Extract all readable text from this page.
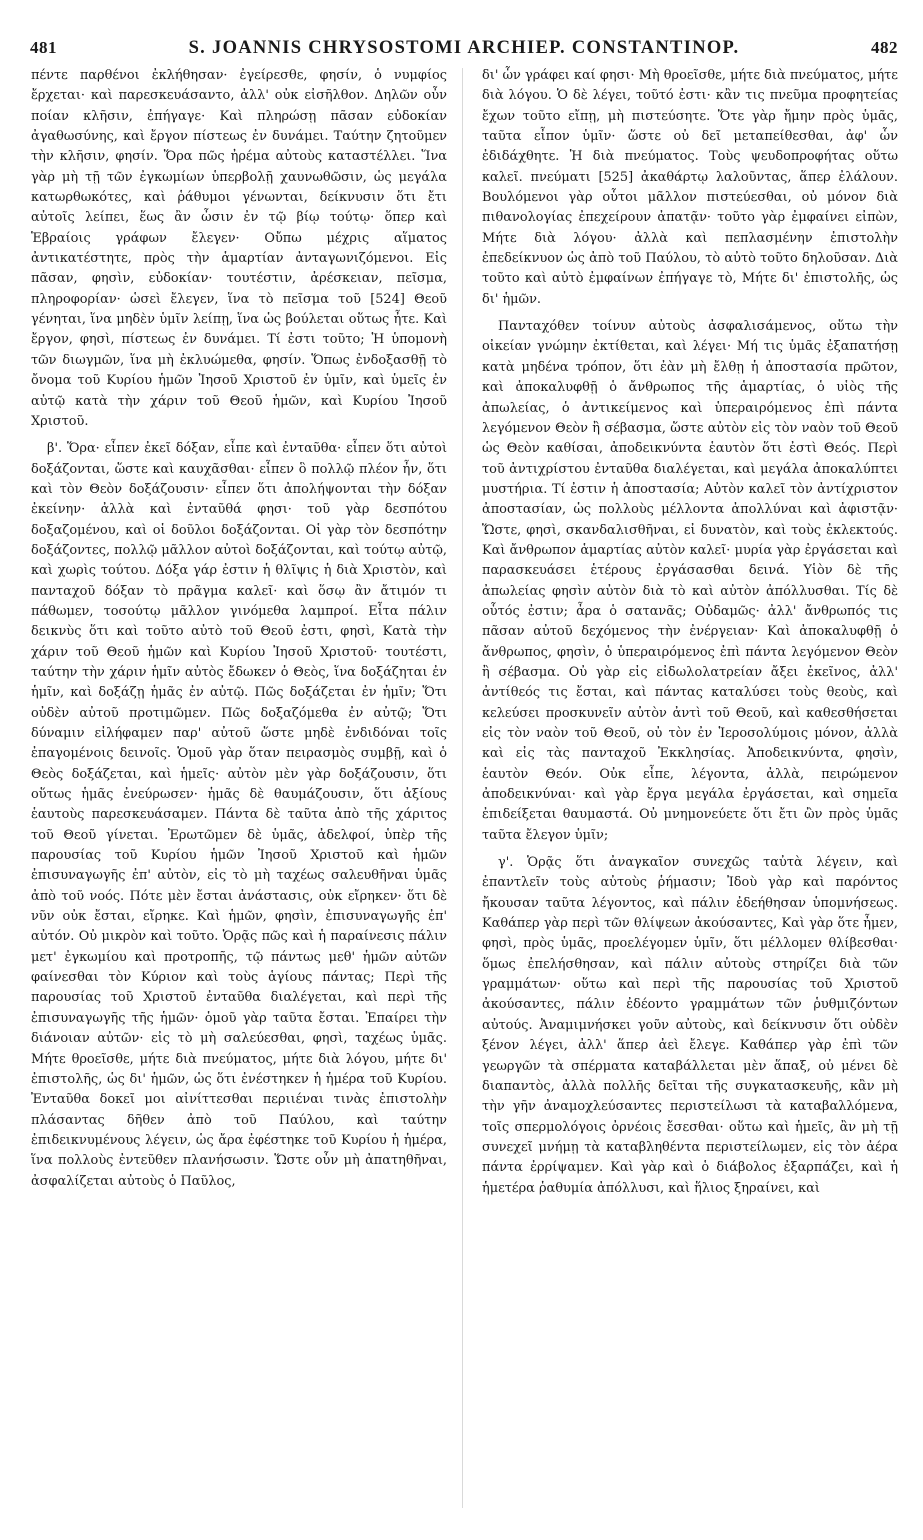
481	S. JOANNIS CHRYSOSTOMI ARCHIEP. CONSTANTINOP.	482

πέντε παρθένοι ἐκλήθησαν· ἐγείρεσθε, φησίν, ὁ νυμφίος ἔρχεται· καὶ παρεσκευάσαντο, ἀλλ' οὐκ εἰσῆλθον. Δηλῶν οὖν ποίαν κλῆσιν, ἐπήγαγε· Καὶ πληρώσῃ πᾶσαν εὐδοκίαν ἀγαθωσύνης, καὶ ἔργον πίστεως ἐν δυνάμει. Ταύτην ζητοῦμεν τὴν κλῆσιν, φησίν. Ὅρα πῶς ἠρέμα αὐτοὺς καταστέλλει. Ἵνα γὰρ μὴ τῇ τῶν ἐγκωμίων ὑπερβολῇ χαυνωθῶσιν, ὡς μεγάλα κατωρθωκότες, καὶ ῥάθυμοι γένωνται, δείκνυσιν ὅτι ἔτι αὐτοῖς λείπει, ἕως ἂν ὦσιν ἐν τῷ βίῳ τούτῳ· ὅπερ καὶ Ἑβραίοις γράφων ἔλεγεν· Οὔπω μέχρις αἵματος ἀντικατέστητε, πρὸς τὴν ἁμαρτίαν ἀνταγωνιζόμενοι. Εἰς πᾶσαν, φησὶν, εὐδοκίαν· τουτέστιν, ἀρέσκειαν, πεῖσμα, πληροφορίαν· ὡσεὶ ἔλεγεν, ἵνα τὸ πεῖσμα τοῦ [524] Θεοῦ γένηται, ἵνα μηδὲν ὑμῖν λείπῃ, ἵνα ὡς βούλεται οὕτως ἦτε. Καὶ ἔργον, φησὶ, πίστεως ἐν δυνάμει. Τί ἐστι τοῦτο; Ἡ ὑπομονὴ τῶν διωγμῶν, ἵνα μὴ ἐκλυώμεθα, φησίν. Ὅπως ἐνδοξασθῇ τὸ ὄνομα τοῦ Κυρίου ἡμῶν Ἰησοῦ Χριστοῦ ἐν ὑμῖν, καὶ ὑμεῖς ἐν αὐτῷ κατὰ τὴν χάριν τοῦ Θεοῦ ἡμῶν, καὶ Κυρίου Ἰησοῦ Χριστοῦ.

β'. Ὅρα· εἶπεν ἐκεῖ δόξαν, εἶπε καὶ ἐνταῦθα· εἶπεν ὅτι αὐτοὶ δοξάζονται, ὥστε καὶ καυχᾶσθαι· εἶπεν ὃ πολλῷ πλέον ἦν, ὅτι καὶ τὸν Θεὸν δοξάζουσιν· εἶπεν ὅτι ἀπολήψονται τὴν δόξαν ἐκείνην· ἀλλὰ καὶ ἐνταῦθά φησι· τοῦ γὰρ δεσπότου δοξαζομένου, καὶ οἱ δοῦλοι δοξάζονται. Οἱ γὰρ τὸν δεσπότην δοξάζοντες, πολλῷ μᾶλλον αὐτοὶ δοξάζονται, καὶ τούτῳ αὐτῷ, καὶ χωρὶς τούτου. Δόξα γάρ ἐστιν ἡ θλῖψις ἡ διὰ Χριστὸν, καὶ πανταχοῦ δόξαν τὸ πρᾶγμα καλεῖ· καὶ ὅσῳ ἂν ἄτιμόν τι πάθωμεν, τοσούτῳ μᾶλλον γινόμεθα λαμπροί. Εἶτα πάλιν δεικνὺς ὅτι καὶ τοῦτο αὐτὸ τοῦ Θεοῦ ἐστι, φησὶ, Κατὰ τὴν χάριν τοῦ Θεοῦ ἡμῶν καὶ Κυρίου Ἰησοῦ Χριστοῦ· τουτέστι, ταύτην τὴν χάριν ἡμῖν αὐτὸς ἔδωκεν ὁ Θεὸς, ἵνα δοξάζηται ἐν ἡμῖν, καὶ δοξάζῃ ἡμᾶς ἐν αὐτῷ. Πῶς δοξάζεται ἐν ἡμῖν; Ὅτι οὐδὲν αὐτοῦ προτιμῶμεν. Πῶς δοξαζόμεθα ἐν αὐτῷ; Ὅτι δύναμιν εἰλήφαμεν παρ' αὐτοῦ ὥστε μηδὲ ἐνδιδόναι τοῖς ἐπαγομένοις δεινοῖς. Ὁμοῦ γὰρ ὅταν πειρασμὸς συμβῇ, καὶ ὁ Θεὸς δοξάζεται, καὶ ἡμεῖς· αὐτὸν μὲν γὰρ δοξάζουσιν, ὅτι οὕτως ἡμᾶς ἐνεύρωσεν· ἡμᾶς δὲ θαυμάζουσιν, ὅτι ἀξίους ἑαυτοὺς παρεσκευάσαμεν. Πάντα δὲ ταῦτα ἀπὸ τῆς χάριτος τοῦ Θεοῦ γίνεται. Ἐρωτῶμεν δὲ ὑμᾶς, ἀδελφοί, ὑπὲρ τῆς παρουσίας τοῦ Κυρίου ἡμῶν Ἰησοῦ Χριστοῦ καὶ ἡμῶν ἐπισυναγωγῆς ἐπ' αὐτὸν, εἰς τὸ μὴ ταχέως σαλευθῆναι ὑμᾶς ἀπὸ τοῦ νοός. Πότε μὲν ἔσται ἀνάστασις, οὐκ εἴρηκεν· ὅτι δὲ νῦν οὐκ ἔσται, εἴρηκε. Καὶ ἡμῶν, φησὶν, ἐπισυναγωγῆς ἐπ' αὐτόν. Οὐ μικρὸν καὶ τοῦτο. Ὁρᾷς πῶς καὶ ἡ παραίνεσις πάλιν μετ' ἐγκωμίου καὶ προτροπῆς, τῷ πάντως μεθ' ἡμῶν αὐτῶν φαίνεσθαι τὸν Κύριον καὶ τοὺς ἁγίους πάντας; Περὶ τῆς παρουσίας τοῦ Χριστοῦ ἐνταῦθα διαλέγεται, καὶ περὶ τῆς ἐπισυναγωγῆς τῆς ἡμῶν· ὁμοῦ γὰρ ταῦτα ἔσται. Ἐπαίρει τὴν διάνοιαν αὐτῶν· εἰς τὸ μὴ σαλεύεσθαι, φησὶ, ταχέως ὑμᾶς. Μήτε θροεῖσθε, μήτε διὰ πνεύματος, μήτε διὰ λόγου, μήτε δι' ἐπιστολῆς, ὡς δι' ἡμῶν, ὡς ὅτι ἐνέστηκεν ἡ ἡμέρα τοῦ Κυρίου. Ἐνταῦθα δοκεῖ μοι αἰνίττεσθαι περιιέναι τινὰς ἐπιστολὴν πλάσαντας δῆθεν ἀπὸ τοῦ Παύλου, καὶ ταύτην ἐπιδεικνυμένους λέγειν, ὡς ἄρα ἐφέστηκε τοῦ Κυρίου ἡ ἡμέρα, ἵνα πολλοὺς ἐντεῦθεν πλανήσωσιν. Ὥστε οὖν μὴ ἀπατηθῆναι, ἀσφαλίζεται αὐτοὺς ὁ Παῦλος,

δι' ὧν γράφει καί φησι· Μὴ θροεῖσθε, μήτε διὰ πνεύματος, μήτε διὰ λόγου. Ὁ δὲ λέγει, τοῦτό ἐστι· κἂν τις πνεῦμα προφητείας ἔχων τοῦτο εἴπῃ, μὴ πιστεύσητε. Ὅτε γὰρ ἤμην πρὸς ὑμᾶς, ταῦτα εἶπον ὑμῖν· ὥστε οὐ δεῖ μεταπείθεσθαι, ἀφ' ὧν ἐδιδάχθητε. Ἡ διὰ πνεύματος. Τοὺς ψευδοπροφήτας οὕτω καλεῖ. πνεύματι [525] ἀκαθάρτῳ λαλοῦντας, ἅπερ ἐλάλουν. Βουλόμενοι γὰρ οὗτοι μᾶλλον πιστεύεσθαι, οὐ μόνον διὰ πιθανολογίας ἐπεχείρουν ἀπατᾷν· τοῦτο γὰρ ἐμφαίνει εἰπὼν, Μήτε διὰ λόγου· ἀλλὰ καὶ πεπλασμένην ἐπιστολὴν ἐπεδείκνυον ὡς ἀπὸ τοῦ Παύλου, τὸ αὐτὸ τοῦτο δηλοῦσαν. Διὰ τοῦτο καὶ αὐτὸ ἐμφαίνων ἐπήγαγε τὸ, Μήτε δι' ἐπιστολῆς, ὡς δι' ἡμῶν.

Πανταχόθεν τοίνυν αὐτοὺς ἀσφαλισάμενος, οὕτω τὴν οἰκείαν γνώμην ἐκτίθεται, καὶ λέγει· Μή τις ὑμᾶς ἐξαπατήσῃ κατὰ μηδένα τρόπον, ὅτι ἐὰν μὴ ἔλθῃ ἡ ἀποστασία πρῶτον, καὶ ἀποκαλυφθῇ ὁ ἄνθρωπος τῆς ἁμαρτίας, ὁ υἱὸς τῆς ἀπωλείας, ὁ ἀντικείμενος καὶ ὑπεραιρόμενος ἐπὶ πάντα λεγόμενον Θεὸν ἢ σέβασμα, ὥστε αὐτὸν εἰς τὸν ναὸν τοῦ Θεοῦ ὡς Θεὸν καθίσαι, ἀποδεικνύντα ἑαυτὸν ὅτι ἐστὶ Θεός. Περὶ τοῦ ἀντιχρίστου ἐνταῦθα διαλέγεται, καὶ μεγάλα ἀποκαλύπτει μυστήρια. Τί ἐστιν ἡ ἀποστασία; Αὐτὸν καλεῖ τὸν ἀντίχριστον ἀποστασίαν, ὡς πολλοὺς μέλλοντα ἀπολλύναι καὶ ἀφιστᾷν· Ὥστε, φησὶ, σκανδαλισθῆναι, εἰ δυνατὸν, καὶ τοὺς ἐκλεκτούς. Καὶ ἄνθρωπον ἁμαρτίας αὐτὸν καλεῖ· μυρία γὰρ ἐργάσεται καὶ παρασκευάσει ἑτέρους ἐργάσασθαι δεινά. Υἱὸν δὲ τῆς ἀπωλείας φησὶν αὐτὸν διὰ τὸ καὶ αὐτὸν ἀπόλλυσθαι. Τίς δὲ οὗτός ἐστιν; ἆρα ὁ σατανᾶς; Οὐδαμῶς· ἀλλ' ἄνθρωπός τις πᾶσαν αὐτοῦ δεχόμενος τὴν ἐνέργειαν· Καὶ ἀποκαλυφθῇ ὁ ἄνθρωπος, φησὶν, ὁ ὑπεραιρόμενος ἐπὶ πάντα λεγόμενον Θεὸν ἢ σέβασμα. Οὐ γὰρ εἰς εἰδωλολατρείαν ἄξει ἐκεῖνος, ἀλλ' ἀντίθεός τις ἔσται, καὶ πάντας καταλύσει τοὺς θεοὺς, καὶ κελεύσει προσκυνεῖν αὐτὸν ἀντὶ τοῦ Θεοῦ, καὶ καθεσθήσεται εἰς τὸν ναὸν τοῦ Θεοῦ, οὐ τὸν ἐν Ἱεροσολύμοις μόνον, ἀλλὰ καὶ εἰς τὰς πανταχοῦ Ἐκκλησίας. Ἀποδεικνύντα, φησὶν, ἑαυτὸν Θεόν. Οὐκ εἶπε, λέγοντα, ἀλλὰ, πειρώμενον ἀποδεικνύναι· καὶ γὰρ ἔργα μεγάλα ἐργάσεται, καὶ σημεῖα ἐπιδείξεται θαυμαστά. Οὐ μνημονεύετε ὅτι ἔτι ὢν πρὸς ὑμᾶς ταῦτα ἔλεγον ὑμῖν;

γ'. Ὁρᾷς ὅτι ἀναγκαῖον συνεχῶς ταὐτὰ λέγειν, καὶ ἐπαντλεῖν τοὺς αὐτοὺς ῥήμασιν; Ἰδοὺ γὰρ καὶ παρόντος ἤκουσαν ταῦτα λέγοντος, καὶ πάλιν ἐδεήθησαν ὑπομνήσεως. Καθάπερ γὰρ περὶ τῶν θλίψεων ἀκούσαντες, Καὶ γὰρ ὅτε ἦμεν, φησὶ, πρὸς ὑμᾶς, προελέγομεν ὑμῖν, ὅτι μέλλομεν θλίβεσθαι· ὅμως ἐπελήσθησαν, καὶ πάλιν αὐτοὺς στηρίζει διὰ τῶν γραμμάτων· οὕτω καὶ περὶ τῆς παρουσίας τοῦ Χριστοῦ ἀκούσαντες, πάλιν ἐδέοντο γραμμάτων τῶν ῥυθμιζόντων αὐτούς. Ἀναμιμνήσκει γοῦν αὐτοὺς, καὶ δείκνυσιν ὅτι οὐδὲν ξένον λέγει, ἀλλ' ἅπερ ἀεὶ ἔλεγε. Καθάπερ γὰρ ἐπὶ τῶν γεωργῶν τὰ σπέρματα καταβάλλεται μὲν ἅπαξ, οὐ μένει δὲ διαπαντὸς, ἀλλὰ πολλῆς δεῖται τῆς συγκατασκευῆς, κἂν μὴ τὴν γῆν ἀναμοχλεύσαντες περιστείλωσι τὰ καταβαλλόμενα, τοῖς σπερμολόγοις ὀρνέοις ἔσεσθαι· οὕτω καὶ ἡμεῖς, ἂν μὴ τῇ συνεχεῖ μνήμῃ τὰ καταβληθέντα περιστείλωμεν, εἰς τὸν ἀέρα πάντα ἐρρίψαμεν. Καὶ γὰρ καὶ ὁ διάβολος ἐξαρπάζει, καὶ ἡ ἡμετέρα ῥαθυμία ἀπόλλυσι, καὶ ἥλιος ξηραίνει, καὶ
